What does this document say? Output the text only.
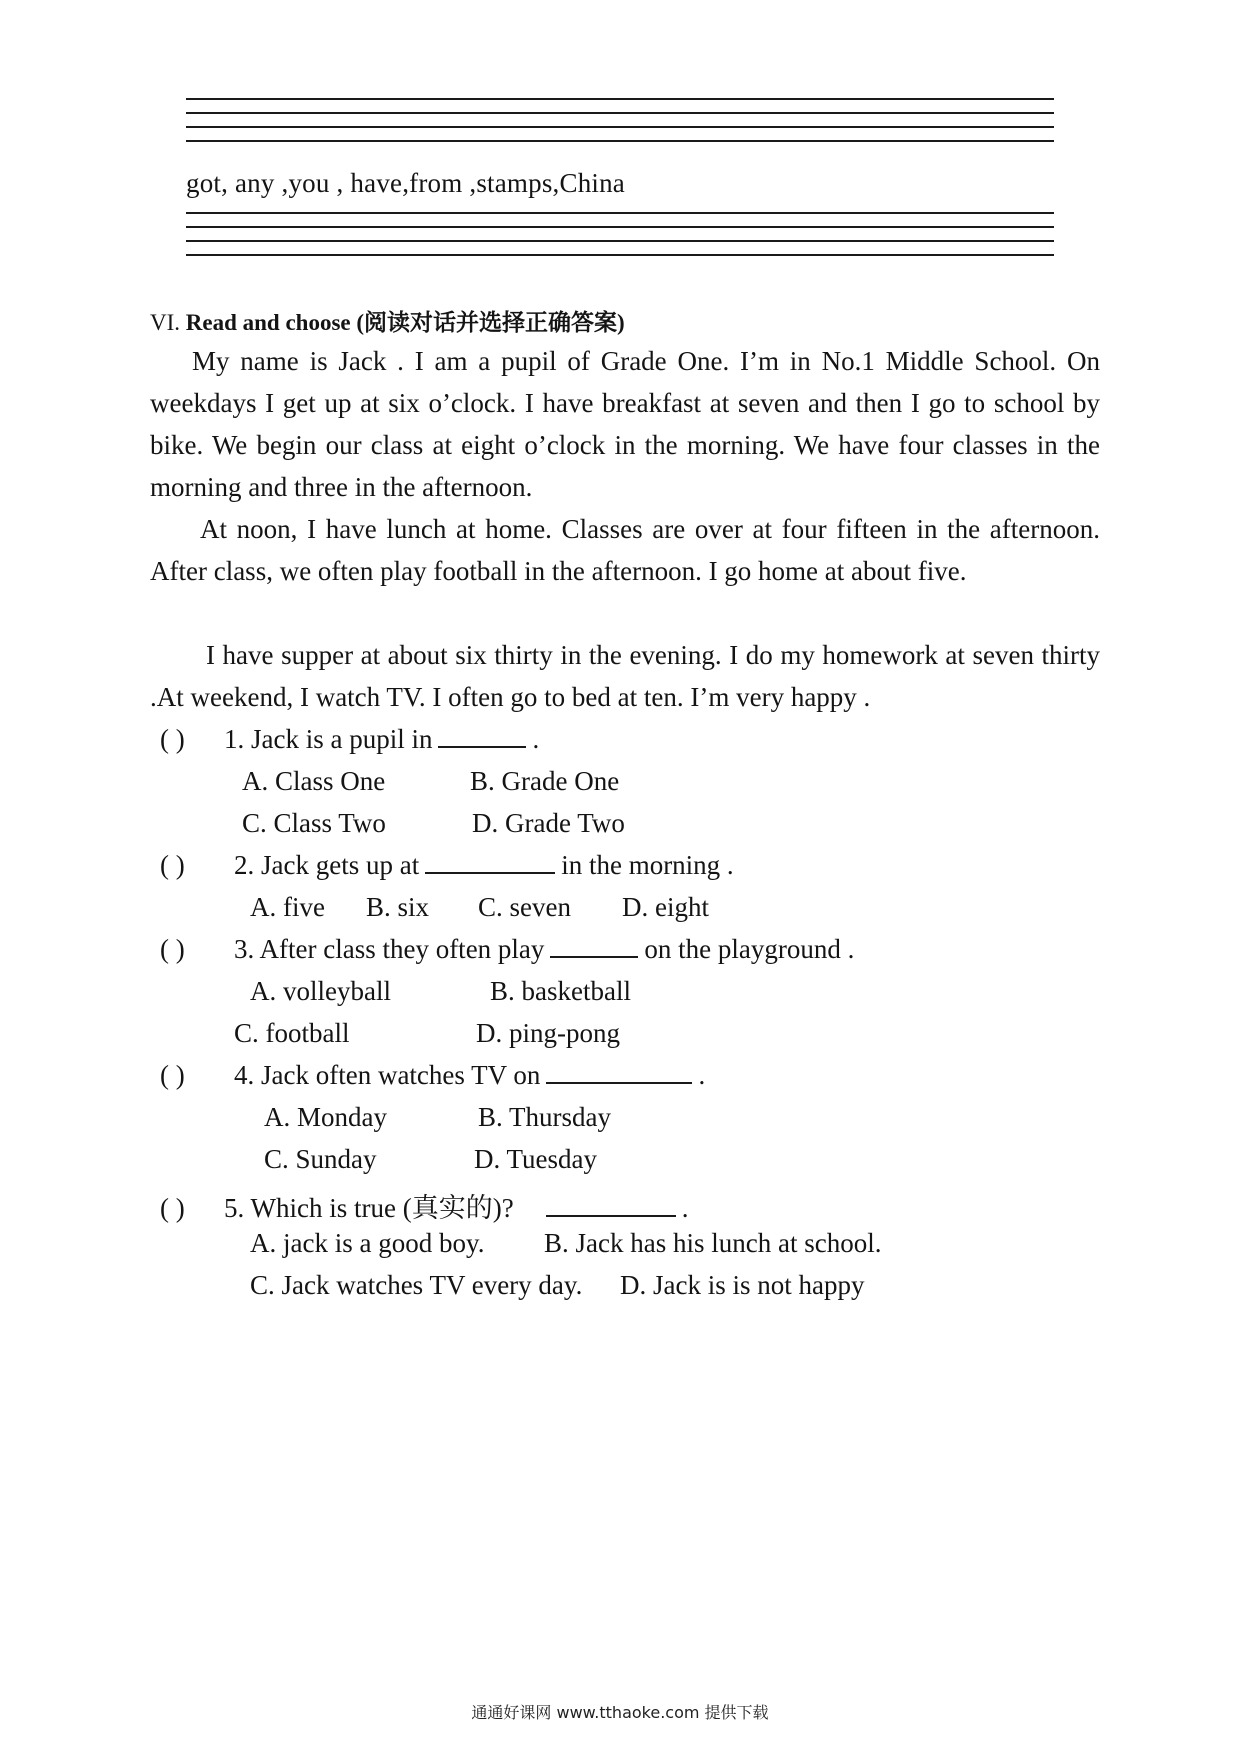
got, any ,you , have,from ,stamps,China
VI. Read and choose (阅读对话并选择正确答案)

My name is Jack . I am a pupil of Grade One. I’m in No.1 Middle School. On weekdays I get up at six o’clock. I have breakfast at seven and then I go to school by bike. We begin our class at eight o’clock in the morning. We have four classes in the morning and three in the afternoon.

At noon, I have lunch at home. Classes are over at four fifteen in the afternoon. After class, we often play football in the afternoon. I go home at about five.

I have supper at about six thirty in the evening. I do my homework at seven thirty .At weekend, I watch TV. I often go to bed at ten. I’m very happy .

( ) 1. Jack is a pupil in	.
A. Class One	B. Grade One
C. Class Two	D. Grade Two
( ) 2. Jack gets up at	in the morning .
A. five B. six C. seven D. eight
( ) 3. After class they often play	on the playground .
A. volleyball	B. basketball
C. football	D. ping-pong
( ) 4. Jack often watches TV on	.
A. Monday	B. Thursday
C. Sunday	D. Tuesday
( ) 5. Which is true (真实的)?	.
A. jack is a good boy. B. Jack has his lunch at school.
C. Jack watches TV every day. D. Jack is is not happy
通通好课网 www.tthaoke.com 提供下载
